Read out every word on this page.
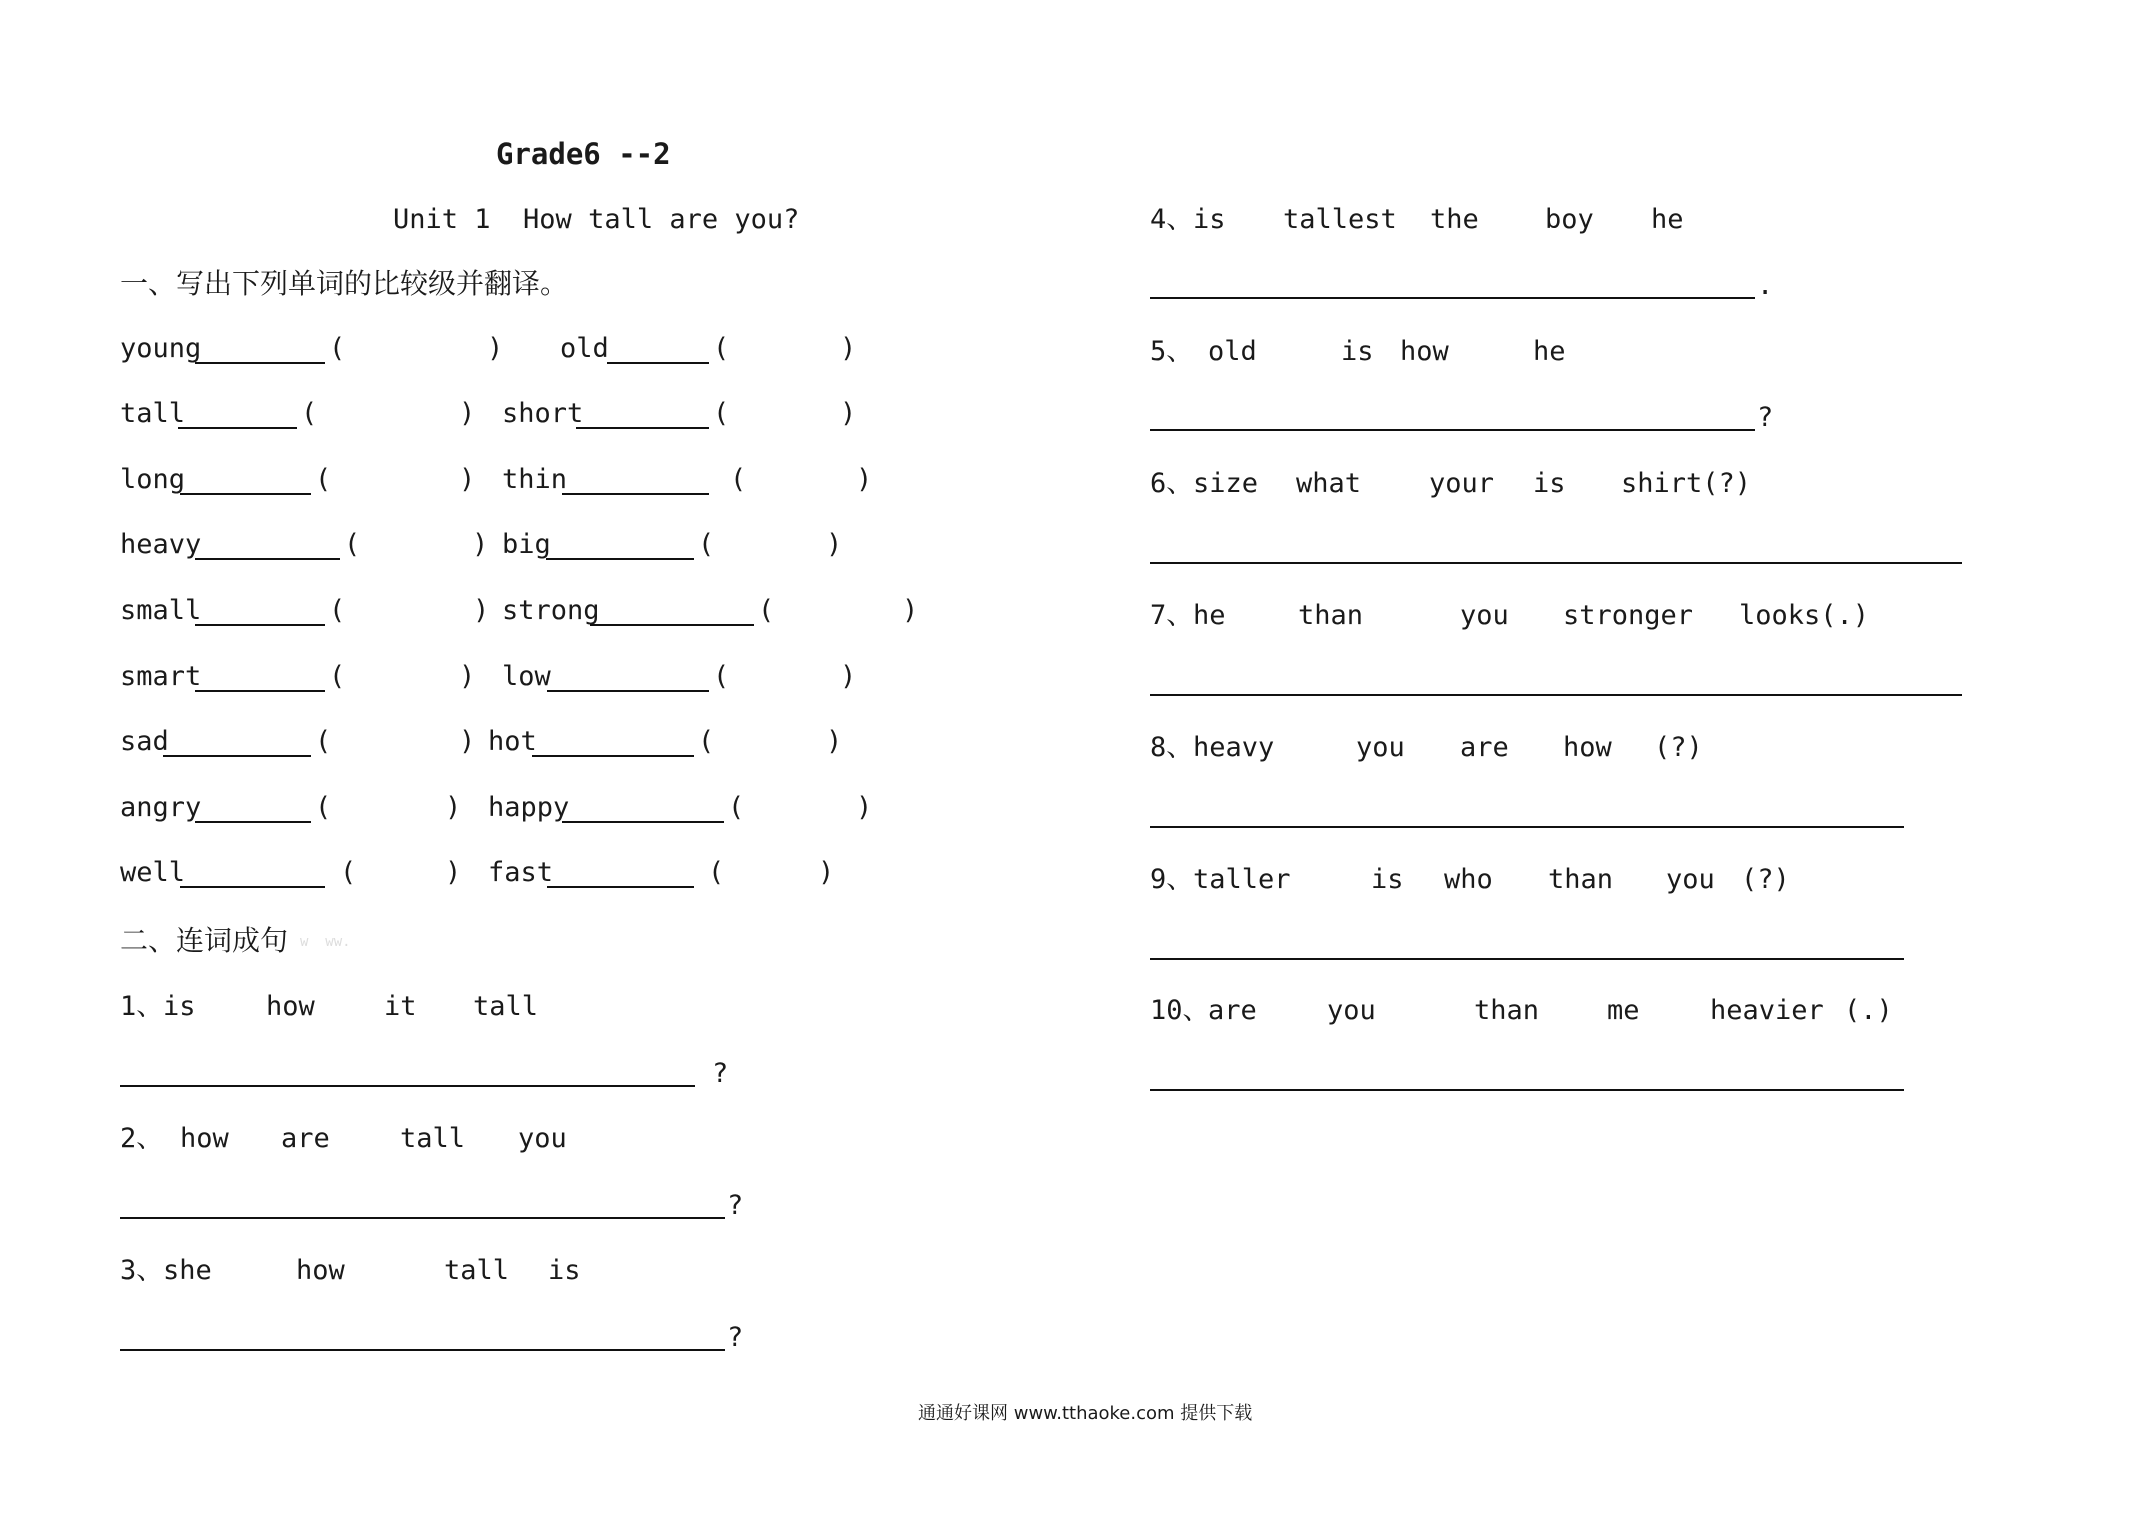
Grade6 --2
Unit 1  How tall are you?
一、写出下列单词的比较级并翻译。
young	(	) old	(	)
tall	(	) short	(	)
long	(	) thin	(	)
heavy	(	) big	(	)
small	(	) strong	(	)
smart	(	) low	(	)
sad	(	) hot	(	)
angry	(	) happy	(	)
well	(	) fast	(	)
二、连词成句 w  ww.
1、 is	how	it tall
?
2、 how are	tall you
?
3、 she	how	tall is
?
4、 is tallest the boy he
.
5、 old	is how	he
?
6、 size what	your is shirt(?)
7、 he	than	you stronger looks(.)
8、 heavy	you are how (?)
9、 taller	is who than you (?)
10、
are	you	than	me	heavier (.)
通通好课网 www.tthaoke.com 提供下载
